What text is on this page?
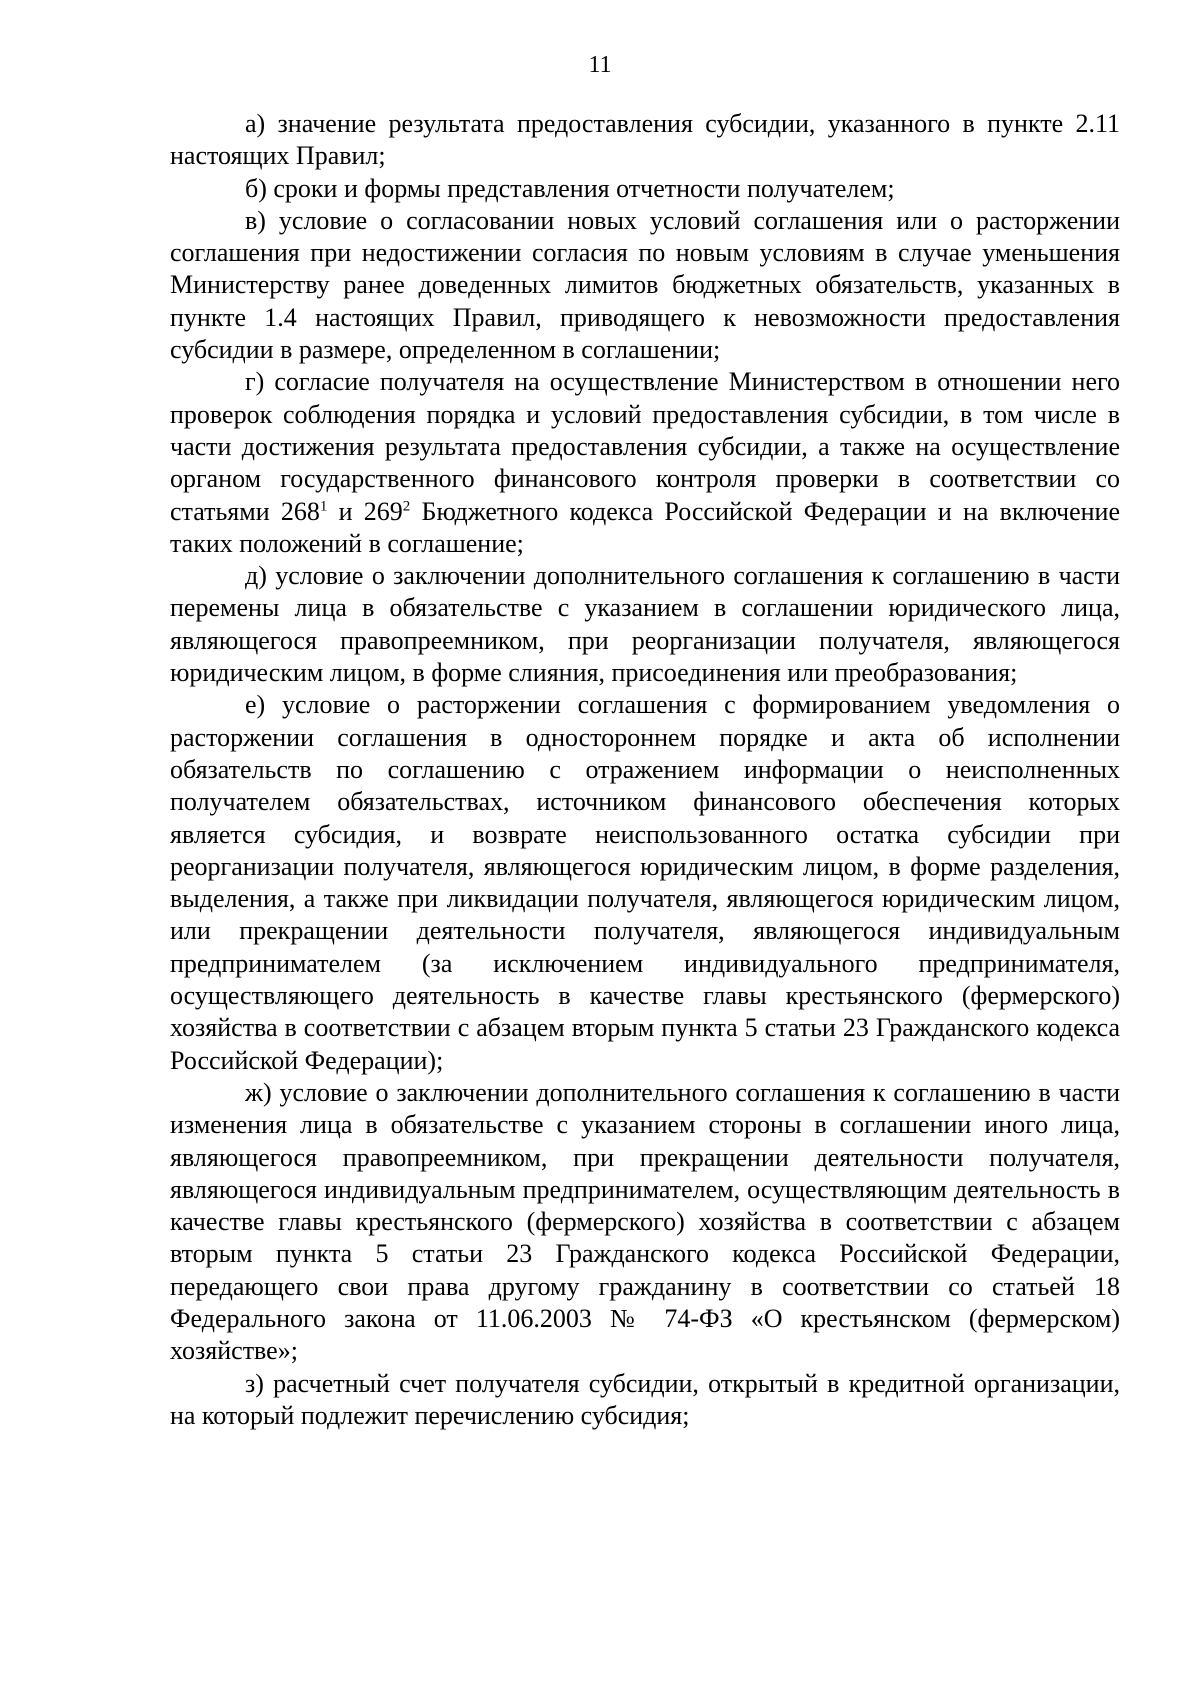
11

а) значение результата предоставления субсидии, указанного в пункте 2.11 настоящих Правил;

б) сроки и формы представления отчетности получателем;

в) условие о согласовании новых условий соглашения или о расторжении соглашения при недостижении согласия по новым условиям в случае уменьшения Министерству ранее доведенных лимитов бюджетных обязательств, указанных в пункте 1.4 настоящих Правил, приводящего к невозможности предоставления субсидии в размере, определенном в соглашении;

г) согласие получателя на осуществление Министерством в отношении него проверок соблюдения порядка и условий предоставления субсидии, в том числе в части достижения результата предоставления субсидии, а также на осуществление органом государственного финансового контроля проверки в соответствии со статьями $268^1$ и $269^2$ Бюджетного кодекса Российской Федерации и на включение таких положений в соглашение;

д) условие о заключении дополнительного соглашения к соглашению в части перемены лица в обязательстве с указанием в соглашении юридического лица, являющегося правопреемником, при реорганизации получателя, являющегося юридическим лицом, в форме слияния, присоединения или преобразования;

е) условие о расторжении соглашения с формированием уведомления о расторжении соглашения в одностороннем порядке и акта об исполнении обязательств по соглашению с отражением информации о неисполненных получателем обязательствах, источником финансового обеспечения которых является субсидия, и возврате неиспользованного остатка субсидии при реорганизации получателя, являющегося юридическим лицом, в форме разделения, выделения, а также при ликвидации получателя, являющегося юридическим лицом, или прекращении деятельности получателя, являющегося индивидуальным предпринимателем (за исключением индивидуального предпринимателя, осуществляющего деятельность в качестве главы крестьянского (фермерского) хозяйства в соответствии с абзацем вторым пункта 5 статьи 23 Гражданского кодекса Российской Федерации);

ж) условие о заключении дополнительного соглашения к соглашению в части изменения лица в обязательстве с указанием стороны в соглашении иного лица, являющегося правопреемником, при прекращении деятельности получателя, являющегося индивидуальным предпринимателем, осуществляющим деятельность в качестве главы крестьянского (фермерского) хозяйства в соответствии с абзацем вторым пункта 5 статьи 23 Гражданского кодекса Российской Федерации, передающего свои права другому гражданину в соответствии со статьей 18 Федерального закона от 11.06.2003 № 74-ФЗ «О крестьянском (фермерском) хозяйстве»;

з) расчетный счет получателя субсидии, открытый в кредитной организации, на который подлежит перечислению субсидия;
